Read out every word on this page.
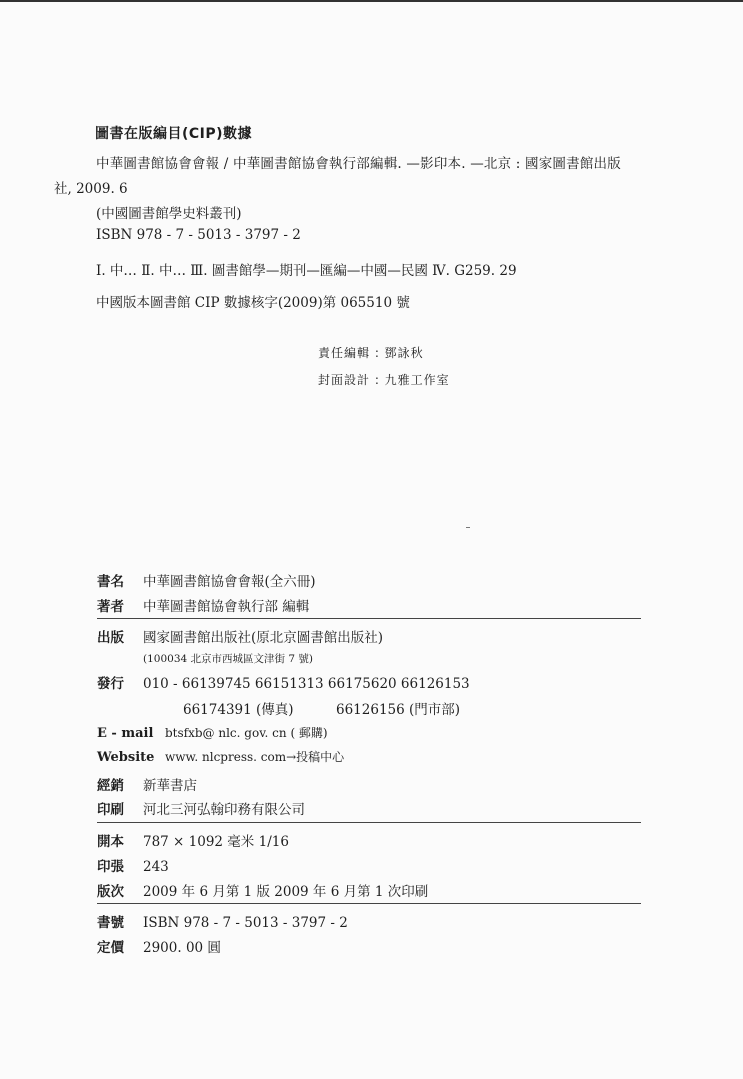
圖書在版編目(CIP)數據
中華圖書館協會會報 / 中華圖書館協會執行部編輯. —影印本. —北京 : 國家圖書館出版
社, 2009. 6
(中國圖書館學史料叢刊)
ISBN 978 - 7 - 5013 - 3797 - 2
Ⅰ. 中… Ⅱ. 中… Ⅲ. 圖書館學—期刊—匯編—中國—民國 Ⅳ. G259. 29
中國版本圖書館 CIP 數據核字(2009)第 065510 號
責任編輯 : 鄧詠秋
封面設計 : 九雅工作室
書名 中華圖書館協會會報(全六冊)
著者 中華圖書館協會執行部 編輯
出版 國家圖書館出版社(原北京圖書館出版社)
(100034 北京市西城區文津街 7 號)
發行 010 - 66139745 66151313 66175620 66126153
66174391 (傳真)	66126156 (門市部)
E - mail btsfxb@ nlc. gov. cn ( 郵購)
Website www. nlcpress. com→投稿中心
經銷 新華書店
印刷 河北三河弘翰印務有限公司
開本 787 × 1092 毫米 1/16
印張 243
版次 2009 年 6 月第 1 版 2009 年 6 月第 1 次印刷
書號 ISBN 978 - 7 - 5013 - 3797 - 2
定價 2900. 00 圓
